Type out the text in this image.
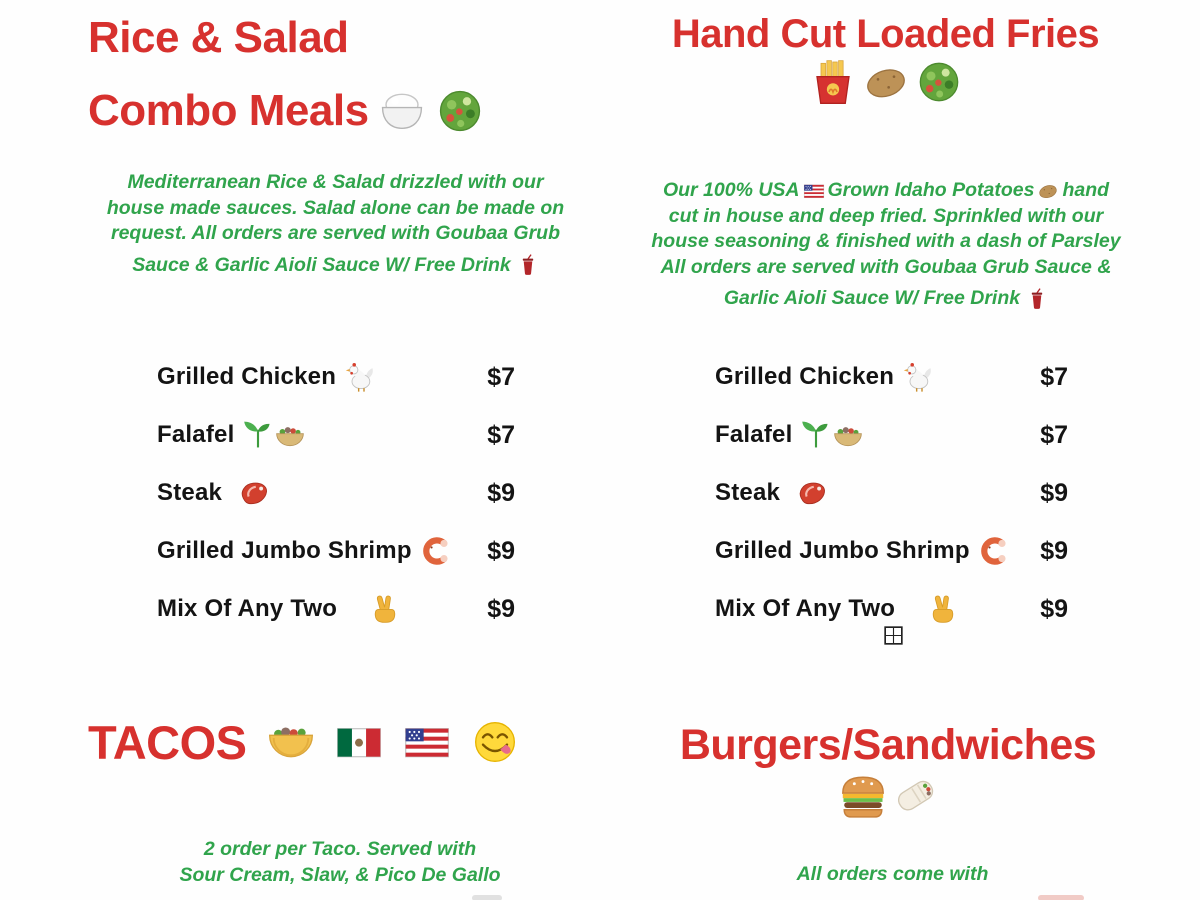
Rice & Salad
Combo Meals
Mediterranean Rice & Salad drizzled with our
house made sauces. Salad alone can be made on
request. All orders are served with Goubaa Grub
Sauce & Garlic Aioli Sauce W/ Free Drink
Grilled Chicken	$7
Falafel	$7
Steak	$9
Grilled Jumbo Shrimp	$9
Mix Of Any Two	$9
Hand Cut Loaded Fries
Our 100% USA Grown Idaho Potatoes hand
cut in house and deep fried. Sprinkled with our
house seasoning & finished with a dash of Parsley
All orders are served with Goubaa Grub Sauce &
Garlic Aioli Sauce W/ Free Drink
Grilled Chicken	$7
Falafel	$7
Steak	$9
Grilled Jumbo Shrimp	$9
Mix Of Any Two	$9
TACOS
2 order per Taco. Served with
Sour Cream, Slaw, & Pico De Gallo
Burgers/Sandwiches
All orders come with
